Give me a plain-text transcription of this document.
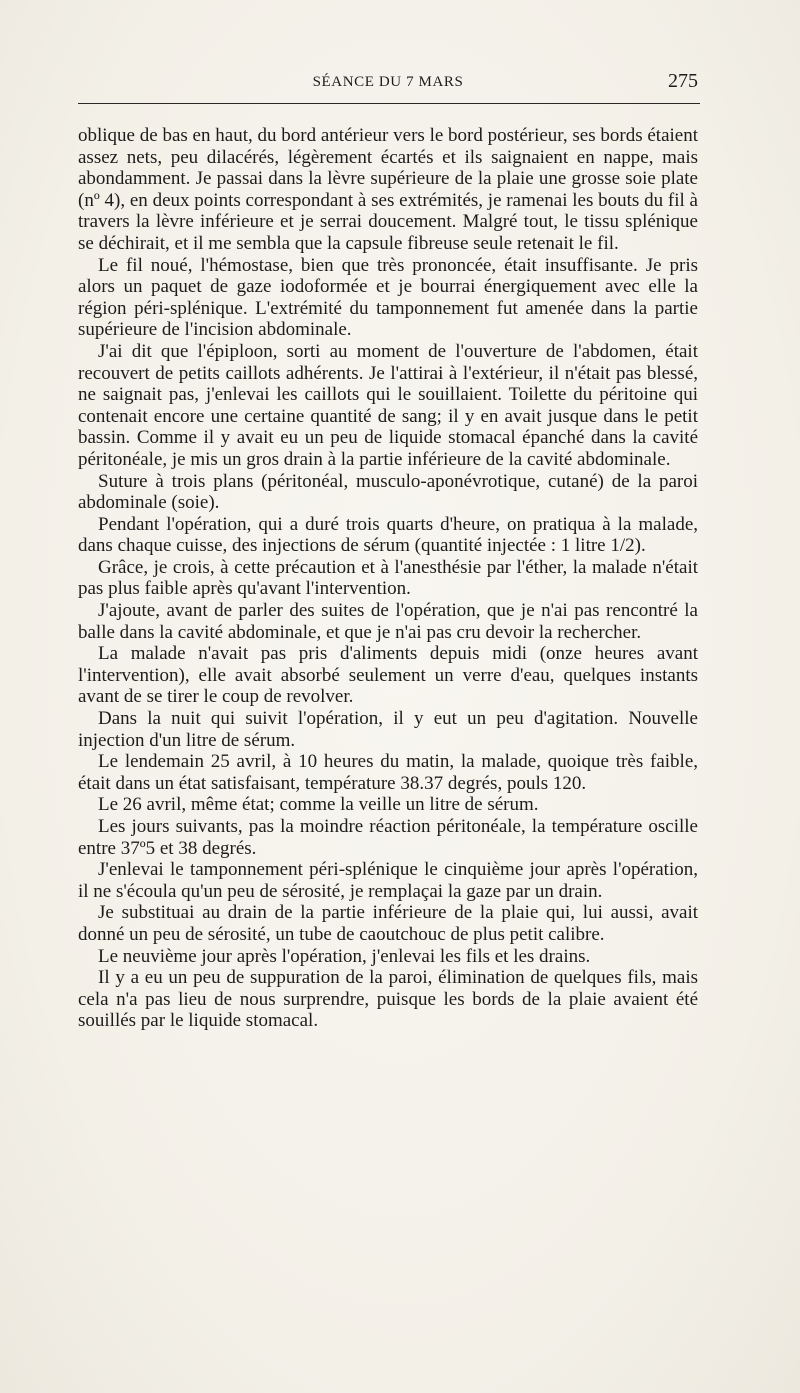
SÉANCE DU 7 MARS	275

oblique de bas en haut, du bord antérieur vers le bord postérieur, ses bords étaient assez nets, peu dilacérés, légèrement écartés et ils saignaient en nappe, mais abondamment. Je passai dans la lèvre supérieure de la plaie une grosse soie plate (nº 4), en deux points correspondant à ses extrémités, je ramenai les bouts du fil à travers la lèvre inférieure et je serrai doucement. Malgré tout, le tissu splénique se déchirait, et il me sembla que la capsule fibreuse seule retenait le fil.

Le fil noué, l'hémostase, bien que très prononcée, était insuffisante. Je pris alors un paquet de gaze iodoformée et je bourrai énergiquement avec elle la région péri-splénique. L'extrémité du tamponnement fut amenée dans la partie supérieure de l'incision abdominale.

J'ai dit que l'épiploon, sorti au moment de l'ouverture de l'abdomen, était recouvert de petits caillots adhérents. Je l'attirai à l'extérieur, il n'était pas blessé, ne saignait pas, j'enlevai les caillots qui le souillaient. Toilette du péritoine qui contenait encore une certaine quantité de sang; il y en avait jusque dans le petit bassin. Comme il y avait eu un peu de liquide stomacal épanché dans la cavité péritonéale, je mis un gros drain à la partie inférieure de la cavité abdominale.

Suture à trois plans (péritonéal, musculo-aponévrotique, cutané) de la paroi abdominale (soie).

Pendant l'opération, qui a duré trois quarts d'heure, on pratiqua à la malade, dans chaque cuisse, des injections de sérum (quantité injectée : 1 litre 1/2).

Grâce, je crois, à cette précaution et à l'anesthésie par l'éther, la malade n'était pas plus faible après qu'avant l'intervention.

J'ajoute, avant de parler des suites de l'opération, que je n'ai pas rencontré la balle dans la cavité abdominale, et que je n'ai pas cru devoir la rechercher.

La malade n'avait pas pris d'aliments depuis midi (onze heures avant l'intervention), elle avait absorbé seulement un verre d'eau, quelques instants avant de se tirer le coup de revolver.

Dans la nuit qui suivit l'opération, il y eut un peu d'agitation. Nouvelle injection d'un litre de sérum.

Le lendemain 25 avril, à 10 heures du matin, la malade, quoique très faible, était dans un état satisfaisant, température 38.37 degrés, pouls 120.

Le 26 avril, même état; comme la veille un litre de sérum.

Les jours suivants, pas la moindre réaction péritonéale, la température oscille entre 37º5 et 38 degrés.

J'enlevai le tamponnement péri-splénique le cinquième jour après l'opération, il ne s'écoula qu'un peu de sérosité, je remplaçai la gaze par un drain.

Je substituai au drain de la partie inférieure de la plaie qui, lui aussi, avait donné un peu de sérosité, un tube de caoutchouc de plus petit calibre.

Le neuvième jour après l'opération, j'enlevai les fils et les drains.

Il y a eu un peu de suppuration de la paroi, élimination de quelques fils, mais cela n'a pas lieu de nous surprendre, puisque les bords de la plaie avaient été souillés par le liquide stomacal.
